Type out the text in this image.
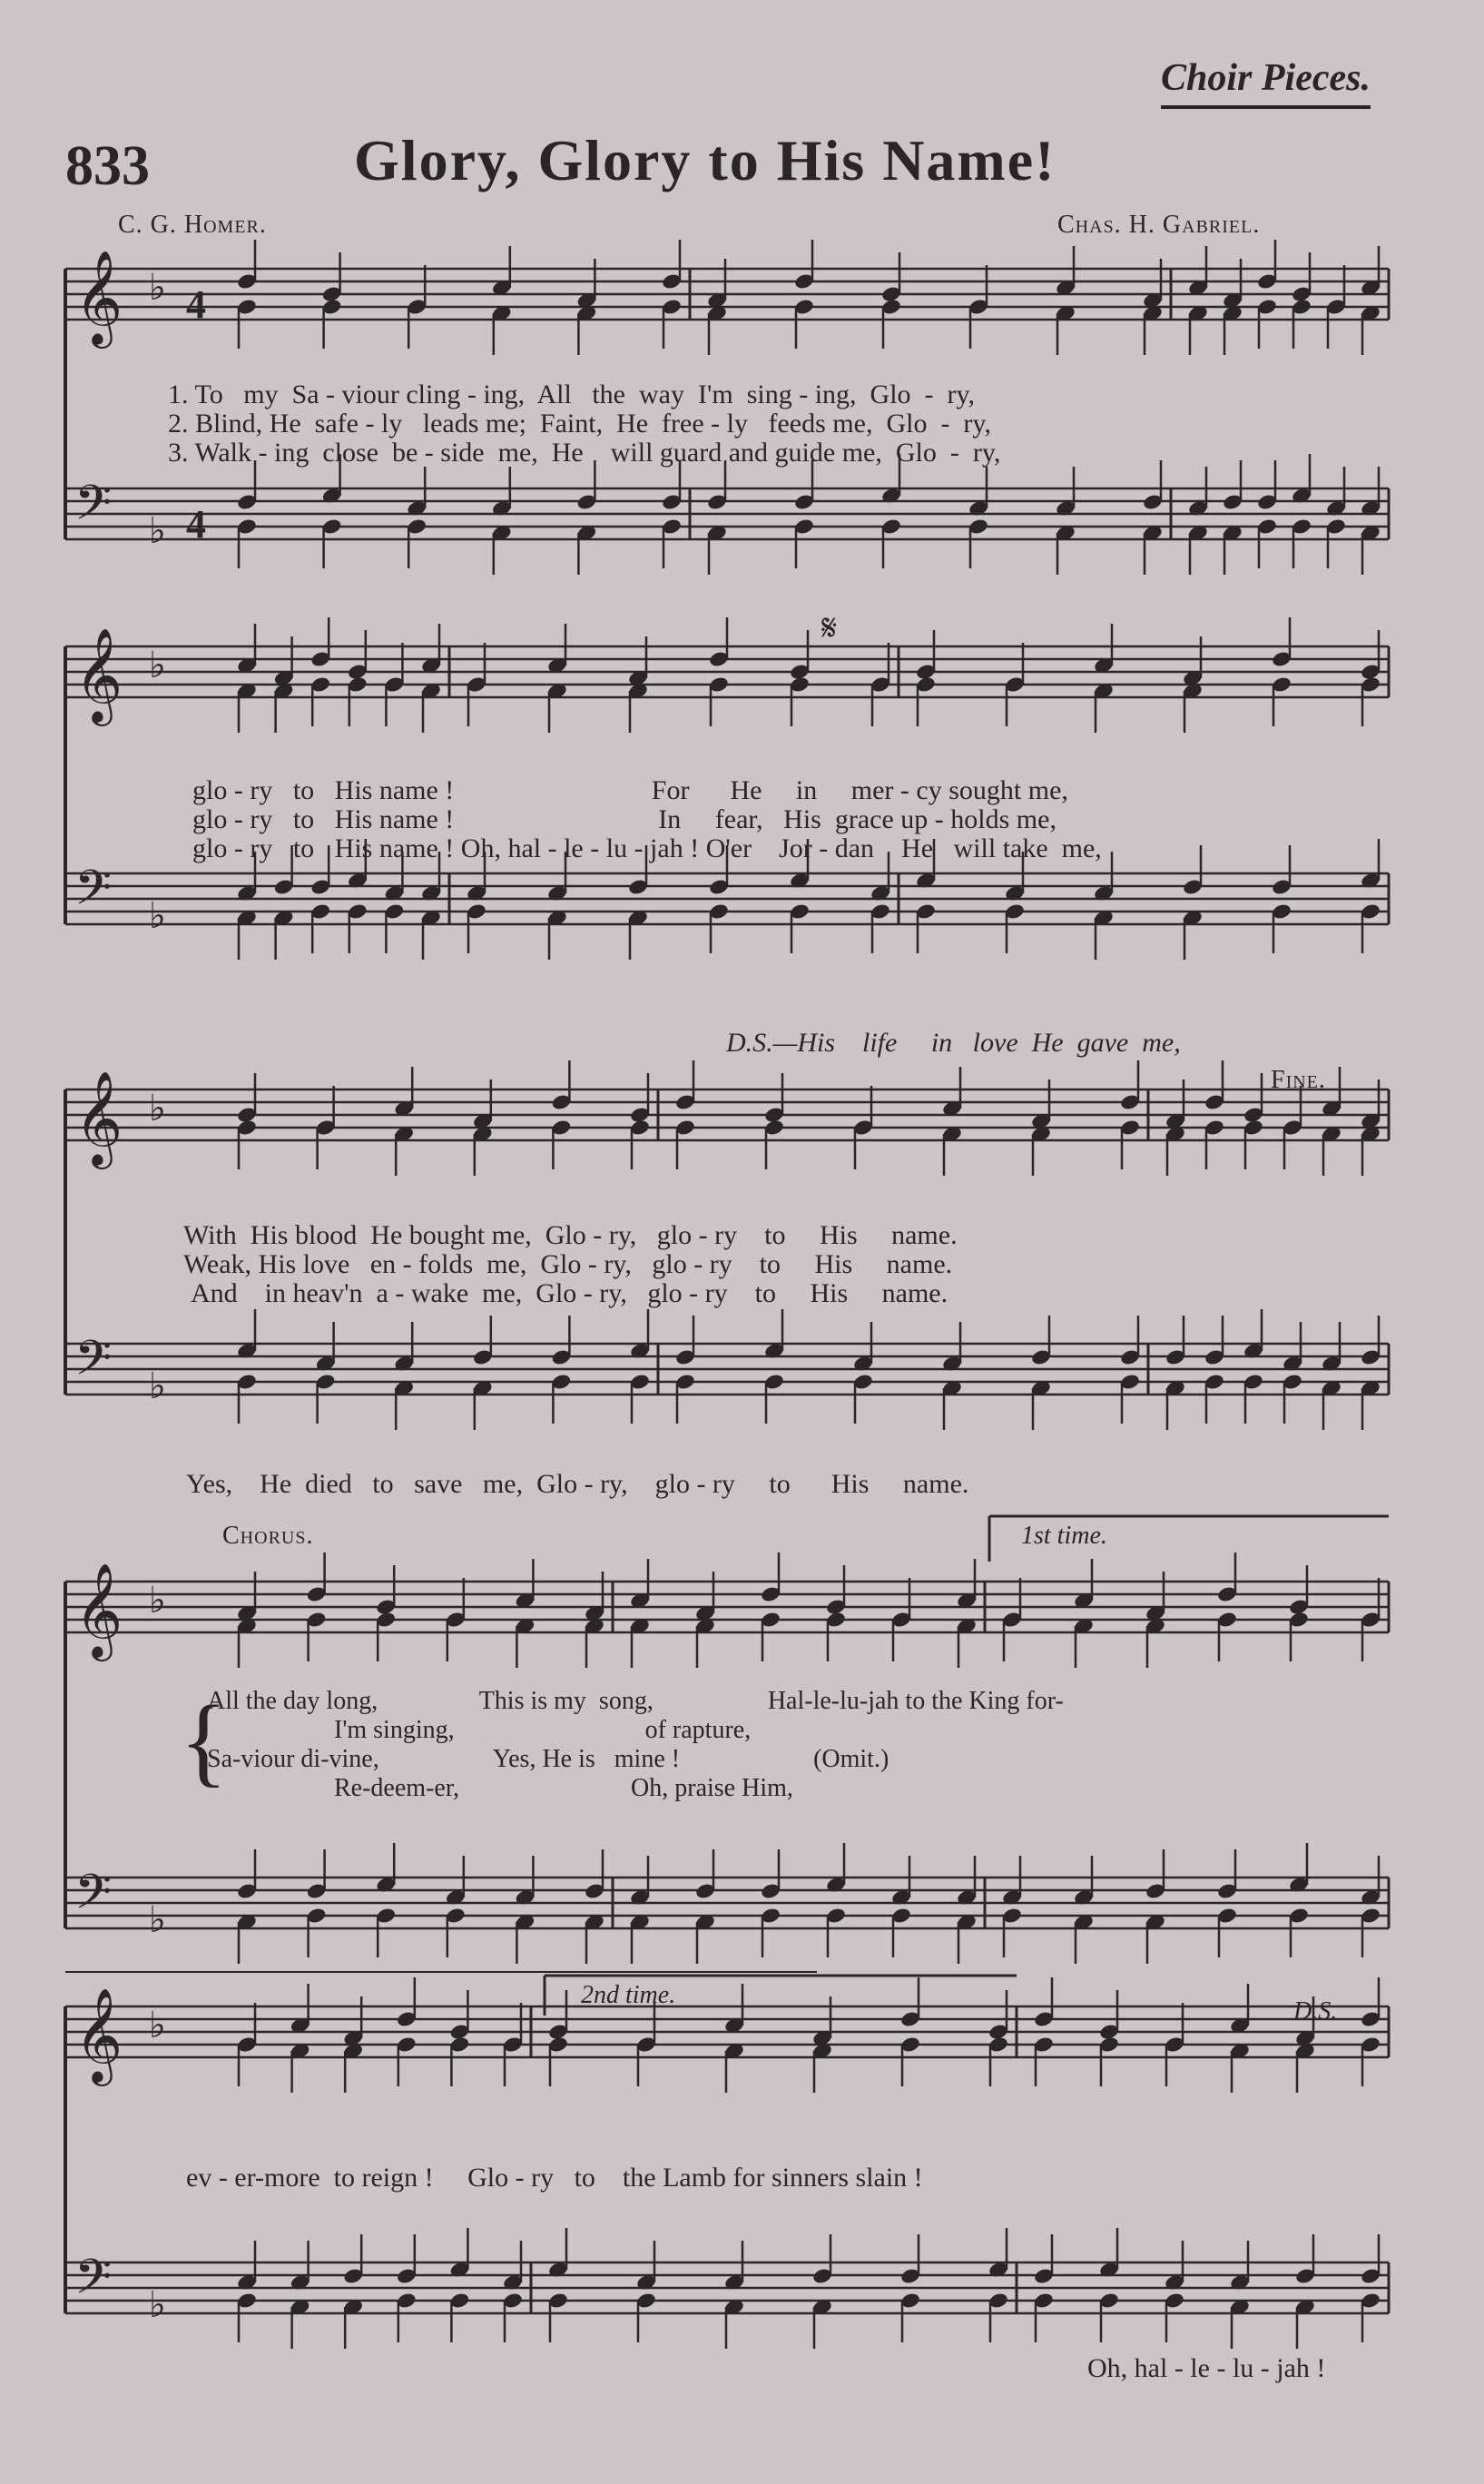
Choir Pieces.
833	Glory, Glory to His Name!
C. G. Homer.	Chas. H. Gabriel.
𝄞
𝄢
♭
♭
4
4
𝄞
𝄢
♭
♭
𝄞
𝄢
♭
♭
𝄞
𝄢
♭
♭
𝄞
𝄢
♭
♭
1. To   my  Sa - viour cling - ing,  All   the  way  I'm  sing - ing,  Glo  -  ry,
2. Blind, He  safe - ly   leads me;  Faint,  He  free - ly   feeds me,  Glo  -  ry,
3. Walk - ing  close  be - side  me,  He    will guard and guide me,  Glo  -  ry,
𝄋
glo - ry   to   His name !                             For      He     in     mer - cy sought me,
glo - ry   to   His name !                              In     fear,   His  grace up - holds me,
glo - ry   to   His name ! Oh, hal - le - lu - jah ! O'er    Jor - dan    He   will take  me,
D.S.—His    life     in   love  He  gave  me,
Fine.
With  His blood  He bought me,  Glo - ry,   glo - ry    to     His     name.
Weak, His love   en - folds  me,  Glo - ry,   glo - ry    to     His     name.
And    in heav'n  a - wake  me,  Glo - ry,   glo - ry    to     His     name.
Yes,    He  died   to   save   me,  Glo - ry,    glo - ry     to      His     name.
Chorus.	1st time.
{
All the day long,                This is my  song,                  Hal-le-lu-jah to the King for-
I'm singing,                              of rapture,
Sa-viour di-vine,                  Yes, He is   mine !                     (Omit.)
Re-deem-er,                           Oh, praise Him,
2nd time.
D.S.
ev - er-more  to reign !     Glo - ry   to    the Lamb for sinners slain !
Oh, hal - le - lu - jah !
